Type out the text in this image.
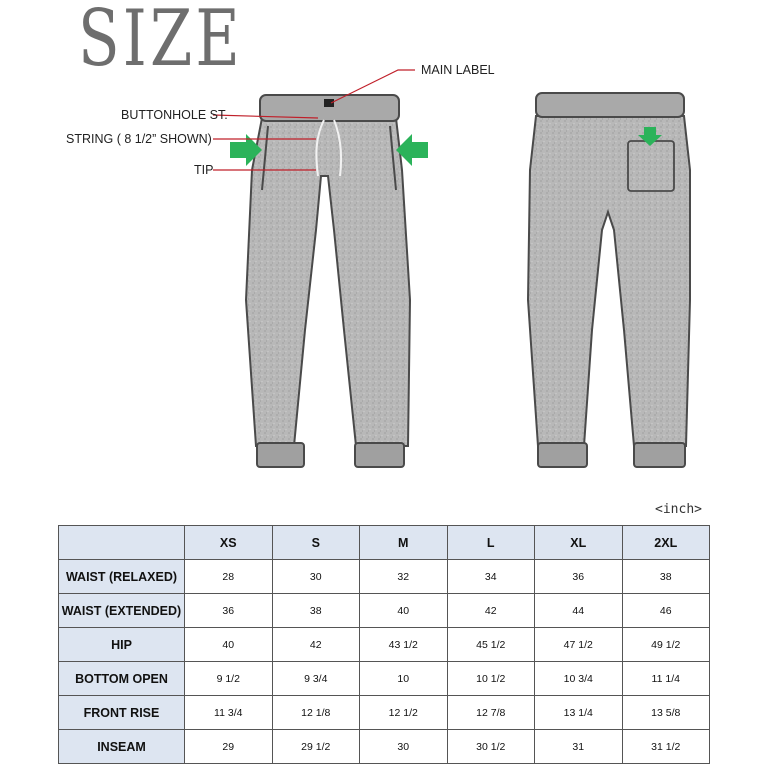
SIZE	MAIN LABEL
BUTTONHOLE ST.
STRING ( 8 1/2” SHOWN)
TIP
<inch>
	XS	S	M	L	XL	2XL
WAIST (RELAXED)	28	30	32	34	36	38
WAIST (EXTENDED)	36	38	40	42	44	46
HIP	40	42	43 1/2	45 1/2	47 1/2	49 1/2
BOTTOM OPEN	9 1/2	9 3/4	10	10 1/2	10 3/4	11 1/4
FRONT RISE	11 3/4	12 1/8	12 1/2	12 7/8	13 1/4	13 5/8
INSEAM	29	29 1/2	30	30 1/2	31	31 1/2
